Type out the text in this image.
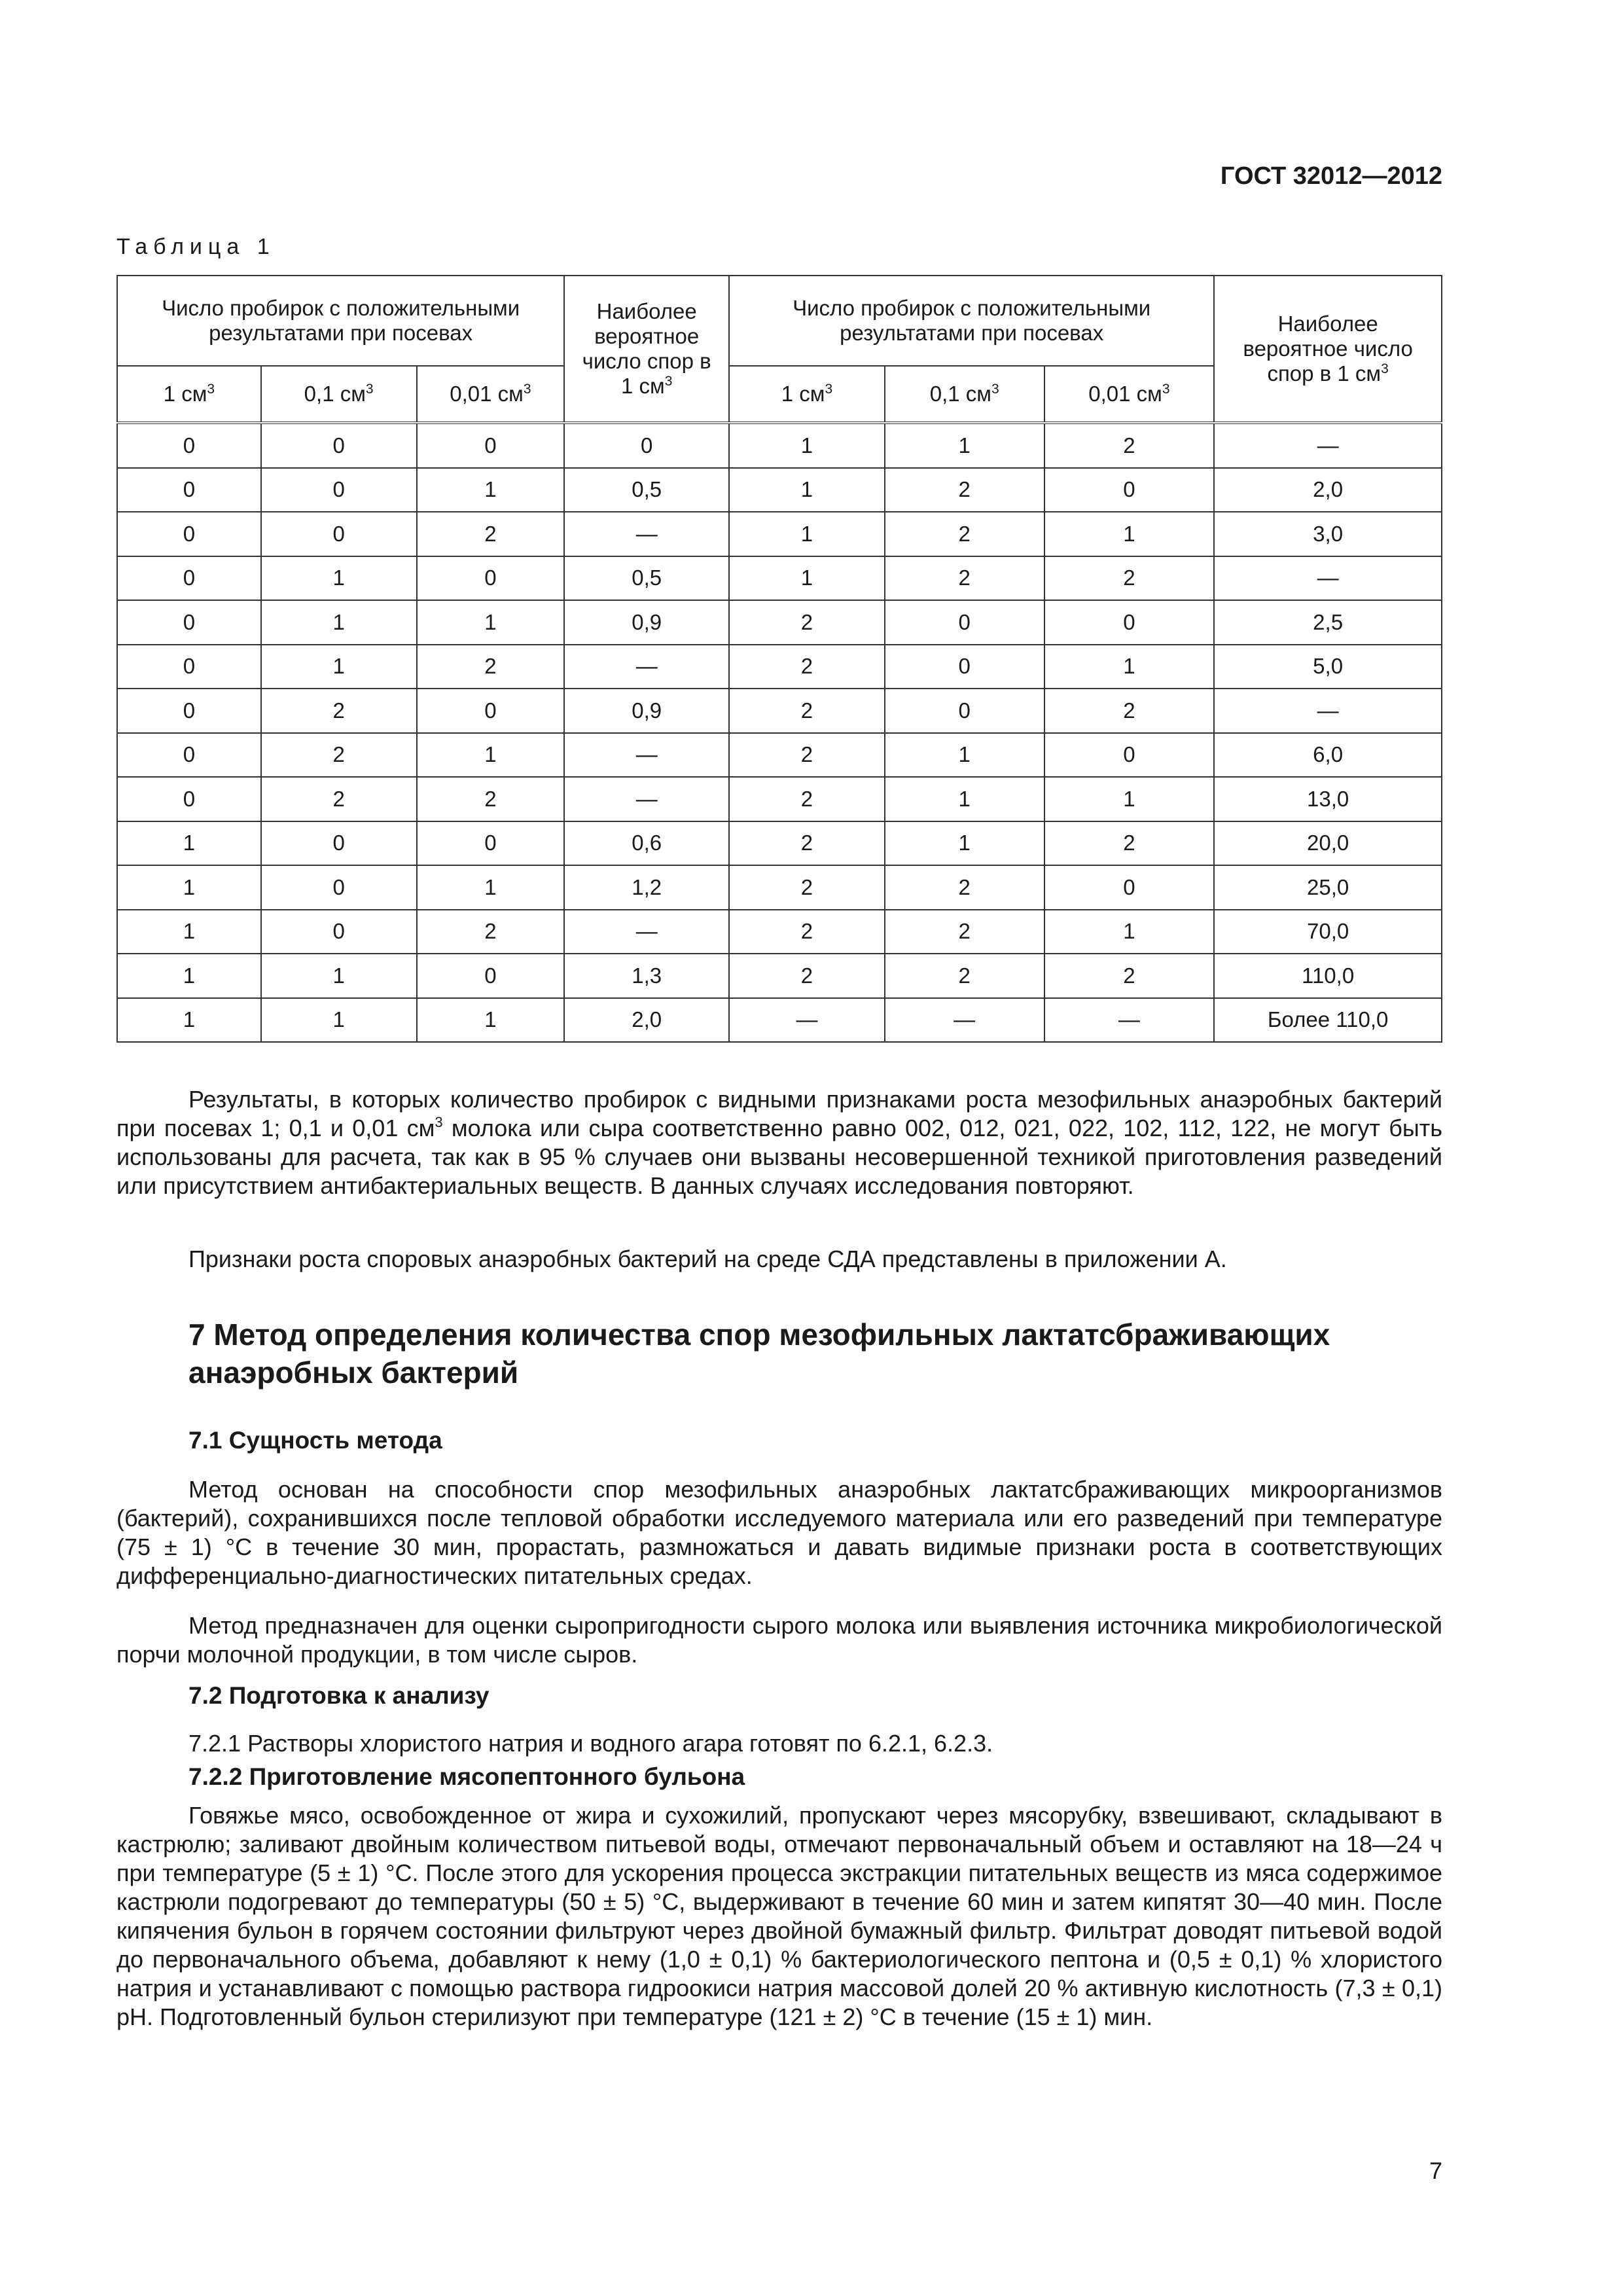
ГОСТ 32012—2012

Таблица 1

Число пробирок с положительными результатами при посевах			Наиболее вероятное число спор в 1 $см^3$	Число пробирок с положительными результатами при посевах			Наиболее вероятное число спор в 1 $см^3$

1 $см^3$	0,1 $см^3$	0,01 $см^3$		1 $см^3$	0,1 $см^3$	0,01 $см^3$
0	0	0	0	1	1	2	—
0	0	1	0,5	1	2	0	2,0
0	0	2	—	1	2	1	3,0
0	1	0	0,5	1	2	2	—
0	1	1	0,9	2	0	0	2,5
0	1	2	—	2	0	1	5,0
0	2	0	0,9	2	0	2	—
0	2	1	—	2	1	0	6,0
0	2	2	—	2	1	1	13,0
1	0	0	0,6	2	1	2	20,0
1	0	1	1,2	2	2	0	25,0
1	0	2	—	2	2	1	70,0
1	1	0	1,3	2	2	2	110,0
1	1	1	2,0	—	—	—	Более 110,0

Результаты, в которых количество пробирок с видными признаками роста мезофильных анаэробных бактерий при посевах 1; 0,1 и 0,01 $см^3$ молока или сыра соответственно равно 002, 012, 021, 022, 102, 112, 122, не могут быть использованы для расчета, так как в 95 % случаев они вызваны несовершенной техникой приготовления разведений или присутствием антибактериальных веществ. В данных случаях исследования повторяют.

Признаки роста споровых анаэробных бактерий на среде СДА представлены в приложении А.

7 Метод определения количества спор мезофильных лактатсбраживающих анаэробных бактерий
7.1 Сущность метода

Метод основан на способности спор мезофильных анаэробных лактатсбраживающих микроорганизмов (бактерий), сохранившихся после тепловой обработки исследуемого материала или его разведений при температуре (75 ± 1) °С в течение 30 мин, прорастать, размножаться и давать видимые признаки роста в соответствующих дифференциально-диагностических питательных средах.

Метод предназначен для оценки сыропригодности сырого молока или выявления источника микробиологической порчи молочной продукции, в том числе сыров.

7.2 Подготовка к анализу

7.2.1 Растворы хлористого натрия и водного агара готовят по 6.2.1, 6.2.3.

7.2.2 Приготовление мясопептонного бульона

Говяжье мясо, освобожденное от жира и сухожилий, пропускают через мясорубку, взвешивают, складывают в кастрюлю; заливают двойным количеством питьевой воды, отмечают первоначальный объем и оставляют на 18—24 ч при температуре (5 ± 1) °С. После этого для ускорения процесса экстракции питательных веществ из мяса содержимое кастрюли подогревают до температуры (50 ± 5) °С, выдерживают в течение 60 мин и затем кипятят 30—40 мин. После кипячения бульон в горячем состоянии фильтруют через двойной бумажный фильтр. Фильтрат доводят питьевой водой до первоначального объема, добавляют к нему (1,0 ± 0,1) % бактериологического пептона и (0,5 ± 0,1) % хлористого натрия и устанавливают с помощью раствора гидроокиси натрия массовой долей 20 % активную кислотность (7,3 ± 0,1) pH. Подготовленный бульон стерилизуют при температуре (121 ± 2) °С в течение (15 ± 1) мин.

7
